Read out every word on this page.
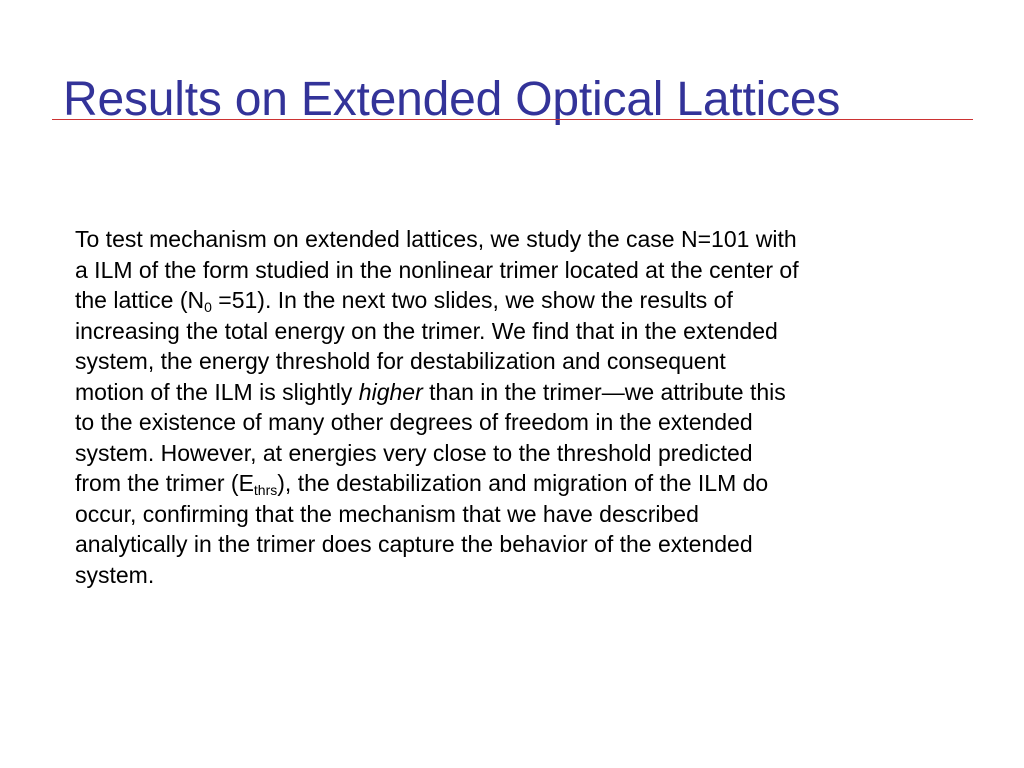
Results on Extended Optical Lattices
To test mechanism on extended lattices, we study the case N=101 with
a ILM of the form studied in the nonlinear trimer located at the center of
the lattice $(N_0 =51)$. In the next two slides, we show the results of
increasing the total energy on the trimer. We find that in the extended
system, the energy threshold for destabilization and consequent
motion of the ILM is slightly higher than in the trimer—we attribute this
to the existence of many other degrees of freedom in the extended
system. However, at energies very close to the threshold predicted
from the trimer $(E_{thrs})$, the destabilization and migration of the ILM do
occur, confirming that the mechanism that we have described
analytically in the trimer does capture the behavior of the extended
system.
